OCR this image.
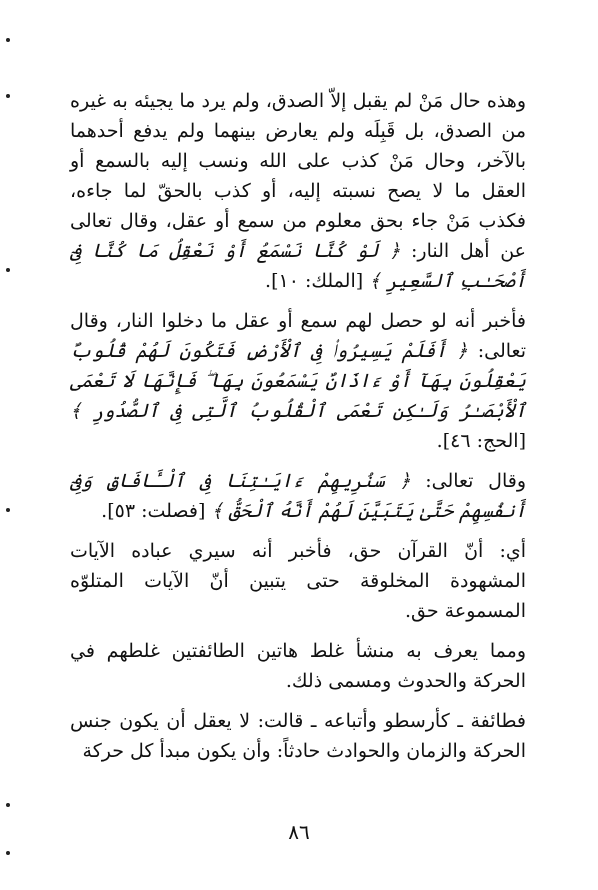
وهذه حال مَنْ لم يقبل إلاّ الصدق، ولم يرد ما يجيئه به غيره من الصدق، بل قَبِلَه ولم يعارض بينهما ولم يدفع أحدهما بالآخر، وحال مَنْ كذب على الله ونسب إليه بالسمع أو العقل ما لا يصح نسبته إليه، أو كذب بالحقّ لما جاءه، فكذب مَنْ جاء بحق معلوم من سمع أو عقل، وقال تعالى عن أهل النار: ﴿ لَوْ كُنَّا نَسْمَعُ أَوْ نَعْقِلُ مَا كُنَّا فِىٓ أَصْحَـٰبِ ٱلسَّعِيرِ ﴾ [الملك: ١٠].

فأخبر أنه لو حصل لهم سمع أو عقل ما دخلوا النار، وقال تعالى: ﴿ أَفَلَمْ يَسِيرُوا۟ فِى ٱلْأَرْضِ فَتَكُونَ لَهُمْ قُلُوبٌ يَعْقِلُونَ بِهَآ أَوْ ءَاذَانٌ يَسْمَعُونَ بِهَا ۖ فَإِنَّهَا لَا تَعْمَى ٱلْأَبْصَـٰرُ وَلَـٰكِن تَعْمَى ٱلْقُلُوبُ ٱلَّتِى فِى ٱلصُّدُورِ ﴾ [الحج: ٤٦].

وقال تعالى: ﴿ سَنُرِيهِمْ ءَايَـٰتِنَا فِى ٱلْـَٔافَاقِ وَفِىٓ أَنفُسِهِمْ حَتَّىٰ يَتَبَيَّنَ لَهُمْ أَنَّهُ ٱلْحَقُّ ﴾ [فصلت: ٥٣].

أي: أنّ القرآن حق، فأخبر أنه سيري عباده الآيات المشهودة المخلوقة حتى يتبين أنّ الآيات المتلوّه المسموعة حق.

ومما يعرف به منشأ غلط هاتين الطائفتين غلطهم في الحركة والحدوث ومسمى ذلك.

فطائفة ـ كأرسطو وأتباعه ـ قالت: لا يعقل أن يكون جنس الحركة والزمان والحوادث حادثاً: وأن يكون مبدأ كل حركة

٨٦
